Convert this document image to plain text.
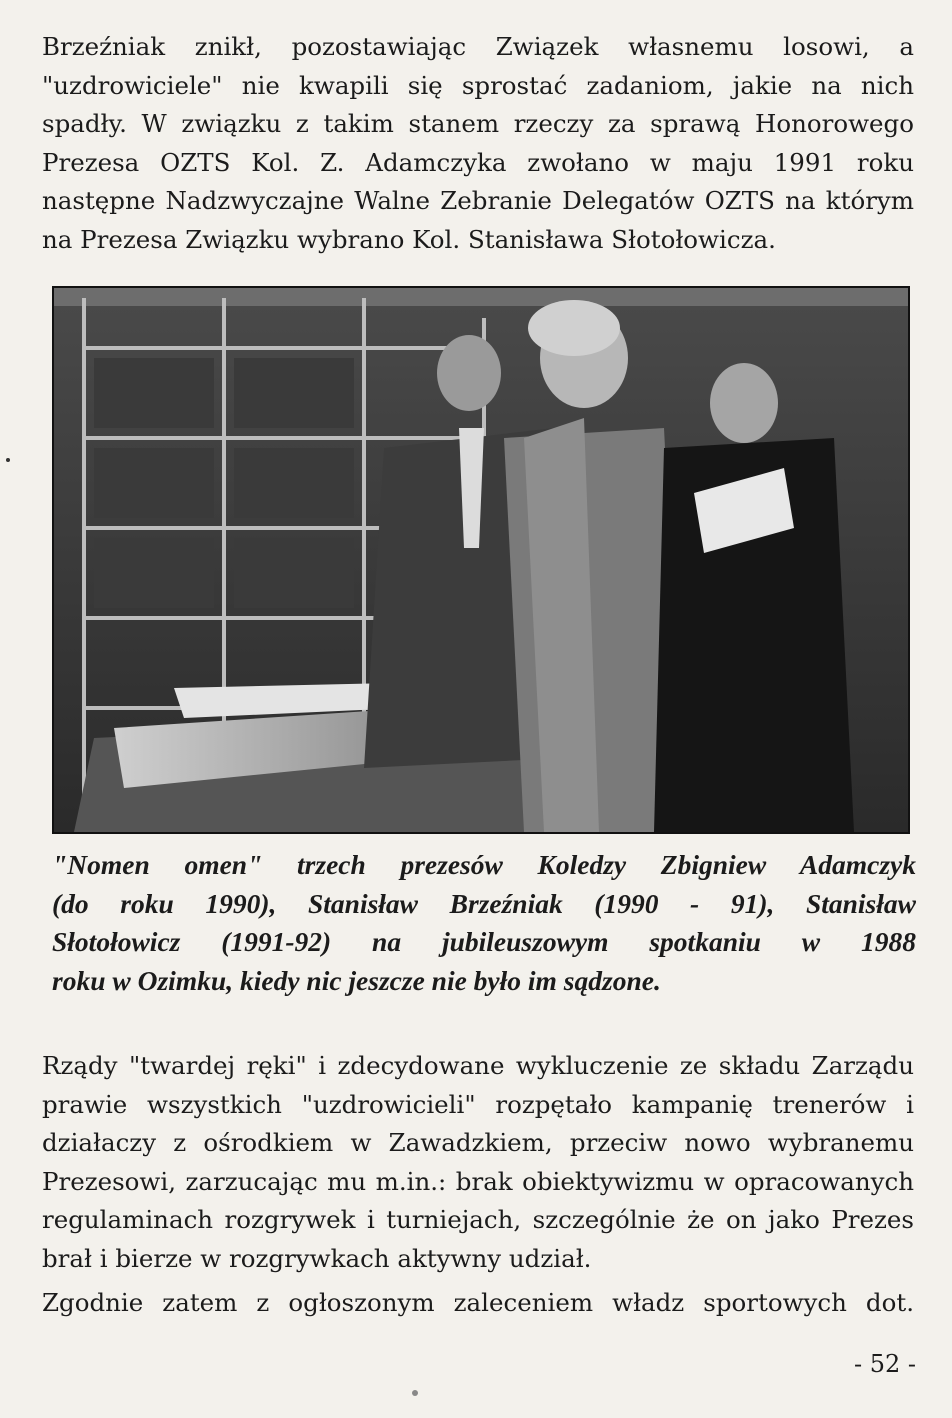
Brzeźniak znikł, pozostawiając Związek własnemu losowi, a
"uzdrowiciele" nie kwapili się sprostać zadaniom, jakie na nich
spadły. W związku z takim stanem rzeczy za sprawą Honorowego
Prezesa OZTS Kol. Z. Adamczyka zwołano w maju 1991 roku
następne Nadzwyczajne Walne Zebranie Delegatów OZTS na którym
na Prezesa Związku wybrano Kol. Stanisława Słotołowicza.
"Nomen omen" trzech prezesów Koledzy Zbigniew Adamczyk
(do roku 1990), Stanisław Brzeźniak (1990 - 91), Stanisław
Słotołowicz (1991-92) na jubileuszowym spotkaniu w 1988
roku w Ozimku, kiedy nic jeszcze nie było im sądzone.
Rządy "twardej ręki" i zdecydowane wykluczenie ze składu Zarządu
prawie wszystkich "uzdrowicieli" rozpętało kampanię trenerów i
działaczy z ośrodkiem w Zawadzkiem, przeciw nowo wybranemu
Prezesowi, zarzucając mu m.in.: brak obiektywizmu w opracowanych
regulaminach rozgrywek i turniejach, szczególnie że on jako Prezes
brał i bierze w rozgrywkach aktywny udział.
Zgodnie zatem z ogłoszonym zaleceniem władz sportowych dot.
- 52 -
